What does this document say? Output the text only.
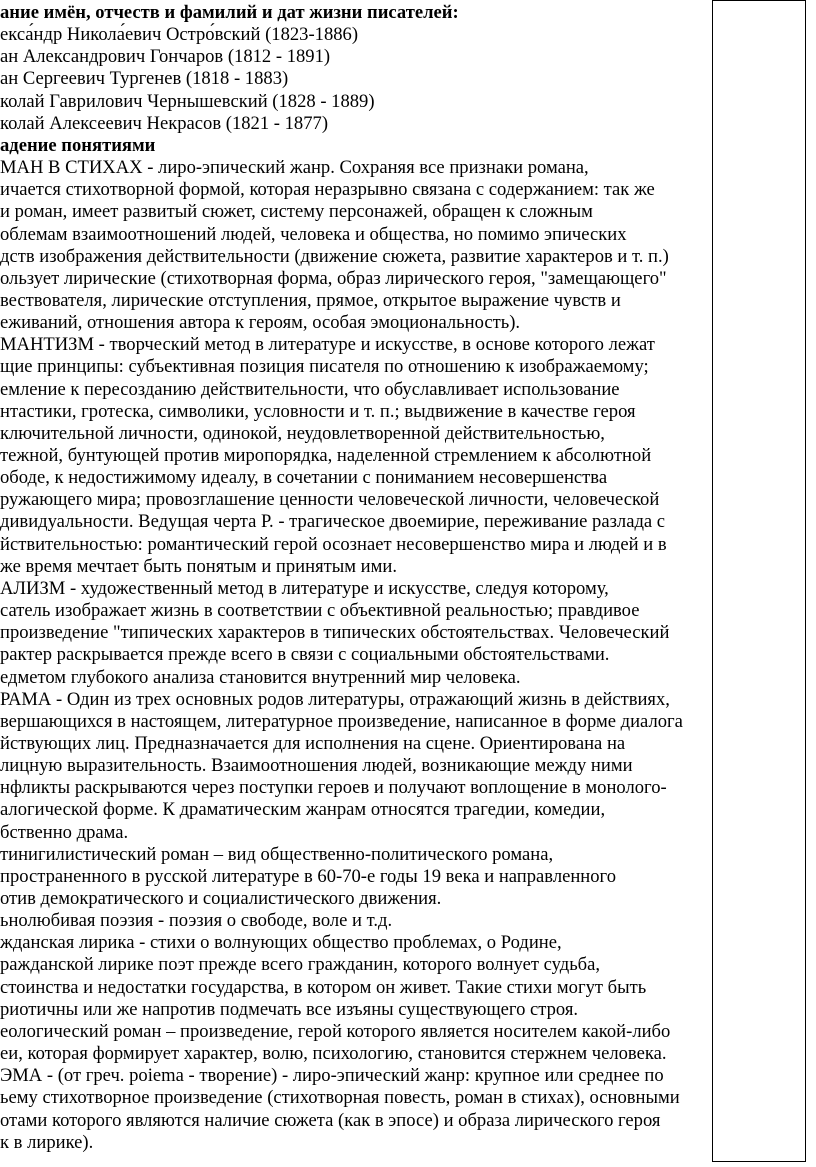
ание имён, отчеств и фамилий и дат жизни писателей:
екса́ндр Никола́евич Остро́вский (1823-1886)
ан Александрович Гончаров (1812 - 1891)
ан Сергеевич Тургенев (1818 - 1883)
колай Гаврилович Чернышевский (1828 - 1889)
колай Алексеевич Некрасов (1821 - 1877)
адение понятиями
МАН В СТИХАХ - лиро-эпический жанр. Сохраняя все признаки романа,
ичается стихотворной формой, которая неразрывно связана с содержанием: так же
и роман, имеет развитый сюжет, систему персонажей, обращен к сложным
облемам взаимоотношений людей, человека и общества, но помимо эпических
дств изображения действительности (движение сюжета, развитие характеров и т. п.)
ользует лирические (стихотворная форма, образ лирического героя, "замещающего"
вествователя, лирические отступления, прямое, открытое выражение чувств и
еживаний, отношения автора к героям, особая эмоциональность).
МАНТИЗМ - творческий метод в литературе и искусстве, в основе которого лежат
щие принципы: субъективная позиция писателя по отношению к изображаемому;
емление к пересозданию действительности, что обуславливает использование
нтастики, гротеска, символики, условности и т. п.; выдвижение в качестве героя
ключительной личности, одинокой, неудовлетворенной действительностью,
тежной, бунтующей против миропорядка, наделенной стремлением к абсолютной
ободе, к недостижимому идеалу, в сочетании с пониманием несовершенства
ружающего мира; провозглашение ценности человеческой личности, человеческой
дивидуальности. Ведущая черта Р. - трагическое двоемирие, переживание разлада с
йствительностью: романтический герой осознает несовершенство мира и людей и в
же время мечтает быть понятым и принятым ими.
АЛИЗМ - художественный метод в литературе и искусстве, следуя которому,
сатель изображает жизнь в соответствии с объективной реальностью; правдивое
произведение "типических характеров в типических обстоятельствах. Человеческий
рактер раскрывается прежде всего в связи с социальными обстоятельствами.
едметом глубокого анализа становится внутренний мир человека.
РАМА - Один из трех основных родов литературы, отражающий жизнь в действиях,
вершающихся в настоящем, литературное произведение, написанное в форме диалога
йствующих лиц. Предназначается для исполнения на сцене. Ориентирована на
лицную выразительность. Взаимоотношения людей, возникающие между ними
нфликты раскрываются через поступки героев и получают воплощение в монолого-
алогической форме. К драматическим жанрам относятся трагедии, комедии,
бственно драма.
тинигилистический роман – вид общественно-политического романа,
пространенного в русской литературе в 60-70-е годы 19 века и направленного
отив демократического и социалистического движения.
ьнолюбивая поэзия - поэзия о свободе, воле и т.д.
жданская лирика - стихи о волнующих общество проблемах, о Родине,
ражданской лирике поэт прежде всего гражданин, которого волнует судьба,
стоинства и недостатки государства, в котором он живет. Такие стихи могут быть
риотичны или же напротив подмечать все изъяны существующего строя.
еологический роман – произведение, герой которого является носителем какой-либо
еи, которая формирует характер, волю, психологию, становится стержнем человека.
ЭМА - (от греч. poiema - творение) - лиро-эпический жанр: крупное или среднее по
ьему стихотворное произведение (стихотворная повесть, роман в стихах), основными
отами которого являются наличие сюжета (как в эпосе) и образа лирического героя
к в лирике).
